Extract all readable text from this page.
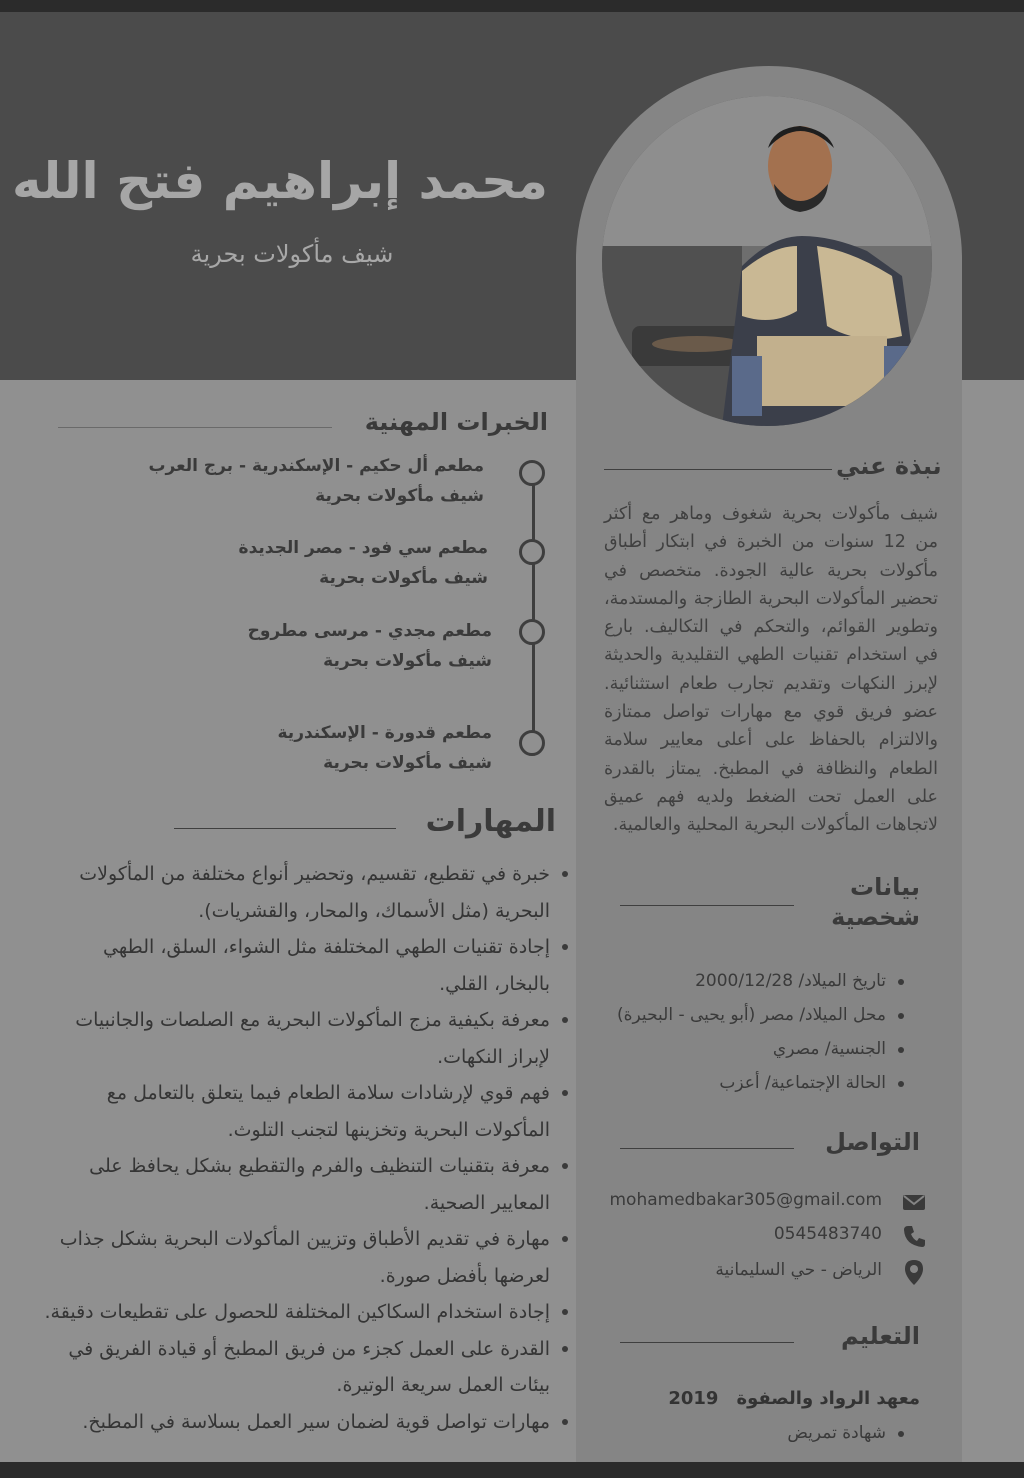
محمد إبراهيم فتح الله
شيف مأكولات بحرية
نبذة عني
شيف مأكولات بحرية شغوف وماهر مع أكثر من 12 سنوات من الخبرة في ابتكار أطباق مأكولات بحرية عالية الجودة. متخصص في تحضير المأكولات البحرية الطازجة والمستدمة، وتطوير القوائم، والتحكم في التكاليف. بارع في استخدام تقنيات الطهي التقليدية والحديثة لإبرز النكهات وتقديم تجارب طعام استثنائية. عضو فريق قوي مع مهارات تواصل ممتازة والالتزام بالحفاظ على أعلى معايير سلامة الطعام والنظافة في المطبخ. يمتاز بالقدرة على العمل تحت الضغط ولديه فهم عميق لاتجاهات المأكولات البحرية المحلية والعالمية.
بيانات
شخصية
تاريخ الميلاد/ 2000/12/28
محل الميلاد/ مصر (أبو يحيى - البحيرة)
الجنسية/ مصري
الحالة الإجتماعية/ أعزب
التواصل
mohamedbakar305@gmail.com
0545483740
الرياض - حي السليمانية
التعليم
معهد الرواد والصفوة2019
شهادة تمريض
الخبرات المهنية
مطعم أل حكيم - الإسكندرية - برج العرب
شيف مأكولات بحرية
مطعم سي فود - مصر الجديدة
شيف مأكولات بحرية
مطعم مجدي - مرسى مطروح
شيف مأكولات بحرية
مطعم قدورة - الإسكندرية
شيف مأكولات بحرية
المهارات
خبرة في تقطيع، تقسيم، وتحضير أنواع مختلفة من المأكولات البحرية (مثل الأسماك، والمحار، والقشريات).
إجادة تقنيات الطهي المختلفة مثل الشواء، السلق، الطهي بالبخار، القلي.
معرفة بكيفية مزج المأكولات البحرية مع الصلصات والجانبيات لإبراز النكهات.
فهم قوي لإرشادات سلامة الطعام فيما يتعلق بالتعامل مع المأكولات البحرية وتخزينها لتجنب التلوث.
معرفة بتقنيات التنظيف والفرم والتقطيع بشكل يحافظ على المعايير الصحية.
مهارة في تقديم الأطباق وتزيين المأكولات البحرية بشكل جذاب لعرضها بأفضل صورة.
إجادة استخدام السكاكين المختلفة للحصول على تقطيعات دقيقة.
القدرة على العمل كجزء من فريق المطبخ أو قيادة الفريق في بيئات العمل سريعة الوتيرة.
مهارات تواصل قوية لضمان سير العمل بسلاسة في المطبخ.
